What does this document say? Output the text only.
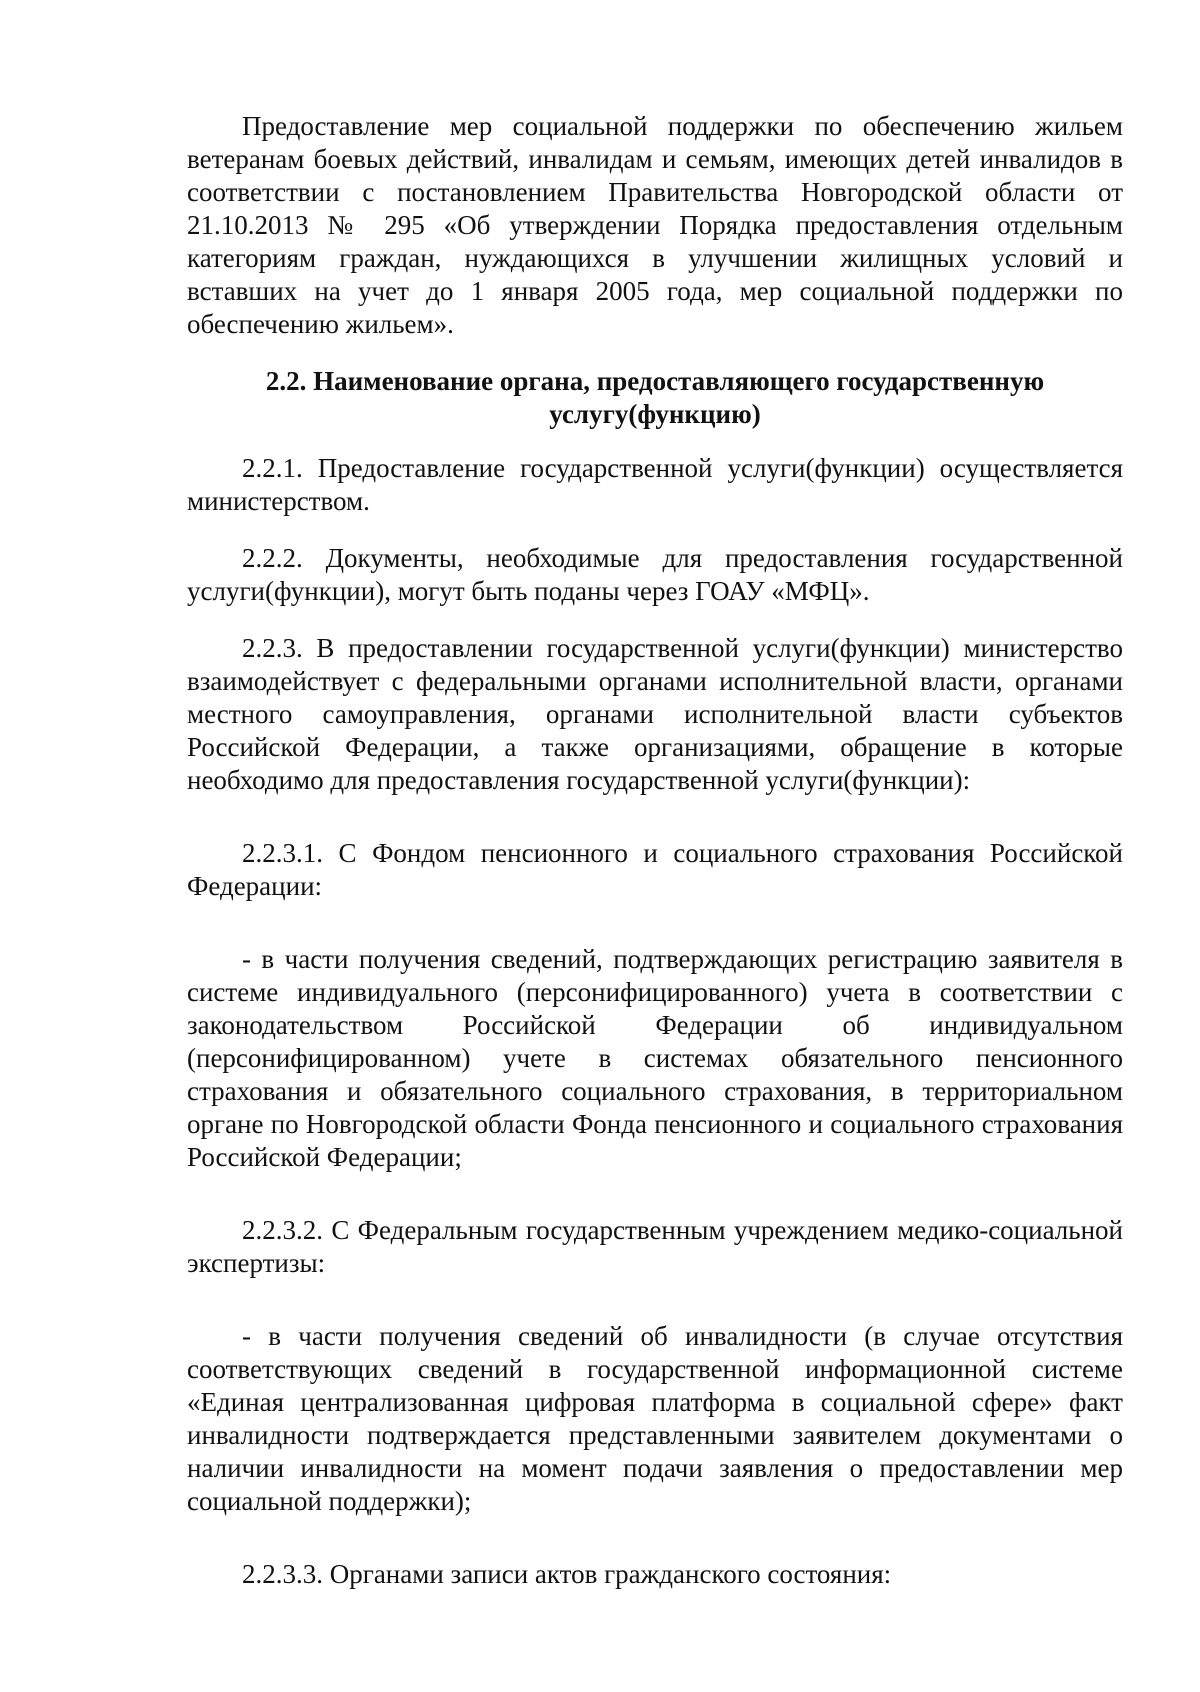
Предоставление мер социальной поддержки по обеспечению жильем ветеранам боевых действий, инвалидам и семьям, имеющих детей инвалидов в соответствии с постановлением Правительства Новгородской области от 21.10.2013 № 295 «Об утверждении Порядка предоставления отдельным категориям граждан, нуждающихся в улучшении жилищных условий и вставших на учет до 1 января 2005 года, мер социальной поддержки по обеспечению жильем».

2.2. Наименование органа, предоставляющего государственную
услугу(функцию)

2.2.1. Предоставление государственной услуги(функции) осуществляется министерством.

2.2.2. Документы, необходимые для предоставления государственной услуги(функции), могут быть поданы через ГОАУ «МФЦ».

2.2.3. В предоставлении государственной услуги(функции) министерство взаимодействует с федеральными органами исполнительной власти, органами местного самоуправления, органами исполнительной власти субъектов Российской Федерации, а также организациями, обращение в которые необходимо для предоставления государственной услуги(функции):

2.2.3.1. С Фондом пенсионного и социального страхования Российской Федерации:

- в части получения сведений, подтверждающих регистрацию заявителя в системе индивидуального (персонифицированного) учета в соответствии с законодательством Российской Федерации об индивидуальном (персонифицированном) учете в системах обязательного пенсионного страхования и обязательного социального страхования, в территориальном органе по Новгородской области Фонда пенсионного и социального страхования Российской Федерации;

2.2.3.2. С Федеральным государственным учреждением медико-социальной экспертизы:

- в части получения сведений об инвалидности (в случае отсутствия соответствующих сведений в государственной информационной системе «Единая централизованная цифровая платформа в социальной сфере» факт инвалидности подтверждается представленными заявителем документами о наличии инвалидности на момент подачи заявления о предоставлении мер социальной поддержки);

2.2.3.3. Органами записи актов гражданского состояния:
